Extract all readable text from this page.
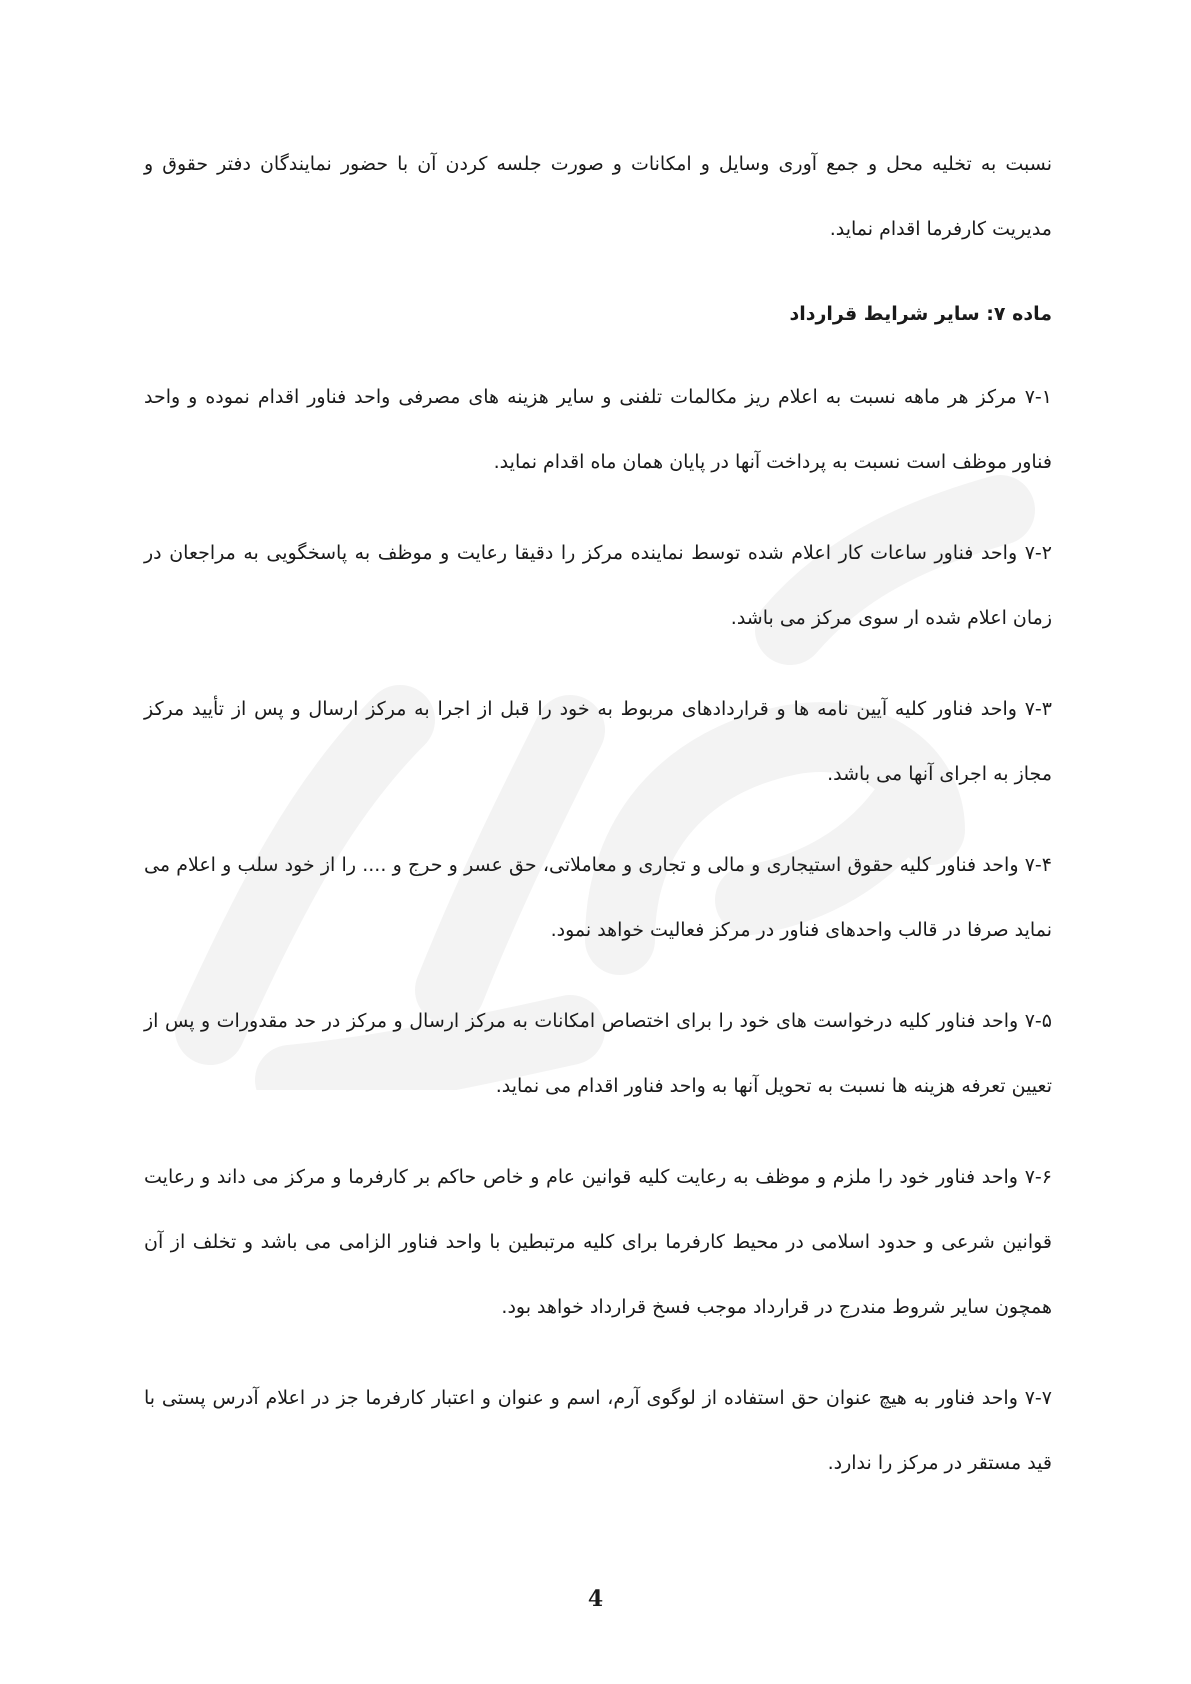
نسبت به تخلیه محل و جمع آوری وسایل و امکانات و صورت جلسه کردن آن با حضور نمایندگان دفتر حقوق و مدیریت کارفرما اقدام نماید.

ماده ۷: سایر شرایط قرارداد

۷-۱ مرکز هر ماهه نسبت به اعلام ریز مکالمات تلفنی و سایر هزینه های مصرفی واحد فناور اقدام نموده و واحد فناور موظف است نسبت به پرداخت آنها در پایان همان ماه اقدام نماید.

۷-۲ واحد فناور ساعات کار اعلام شده توسط نماینده مرکز را دقیقا رعایت و موظف به پاسخگویی به مراجعان در زمان اعلام شده ار سوی مرکز می باشد.

۷-۳ واحد فناور کلیه آیین نامه ها و قراردادهای مربوط به خود را قبل از اجرا به مرکز ارسال و پس از تأیید مرکز مجاز به اجرای آنها می باشد.

۷-۴ واحد فناور کلیه حقوق استیجاری و مالی و تجاری و معاملاتی، حق عسر و حرج و .... را از خود سلب و اعلام می نماید صرفا در قالب واحدهای فناور در مرکز فعالیت خواهد نمود.

۷-۵ واحد فناور کلیه درخواست های خود را برای اختصاص امکانات به مرکز ارسال و مرکز در حد مقدورات و پس از تعیین تعرفه هزینه ها نسبت به تحویل آنها به واحد فناور اقدام می نماید.

۷-۶ واحد فناور خود را ملزم و موظف به رعایت کلیه قوانین عام و خاص حاکم بر کارفرما و مرکز می داند و رعایت قوانین شرعی و حدود اسلامی در محیط کارفرما برای کلیه مرتبطین با واحد فناور الزامی می باشد و تخلف از آن همچون سایر شروط مندرج در قرارداد موجب فسخ قرارداد خواهد بود.

۷-۷ واحد فناور به هیچ عنوان حق استفاده از لوگوی آرم، اسم و عنوان و اعتبار کارفرما جز در اعلام آدرس پستی با قید مستقر در مرکز را ندارد.

4
